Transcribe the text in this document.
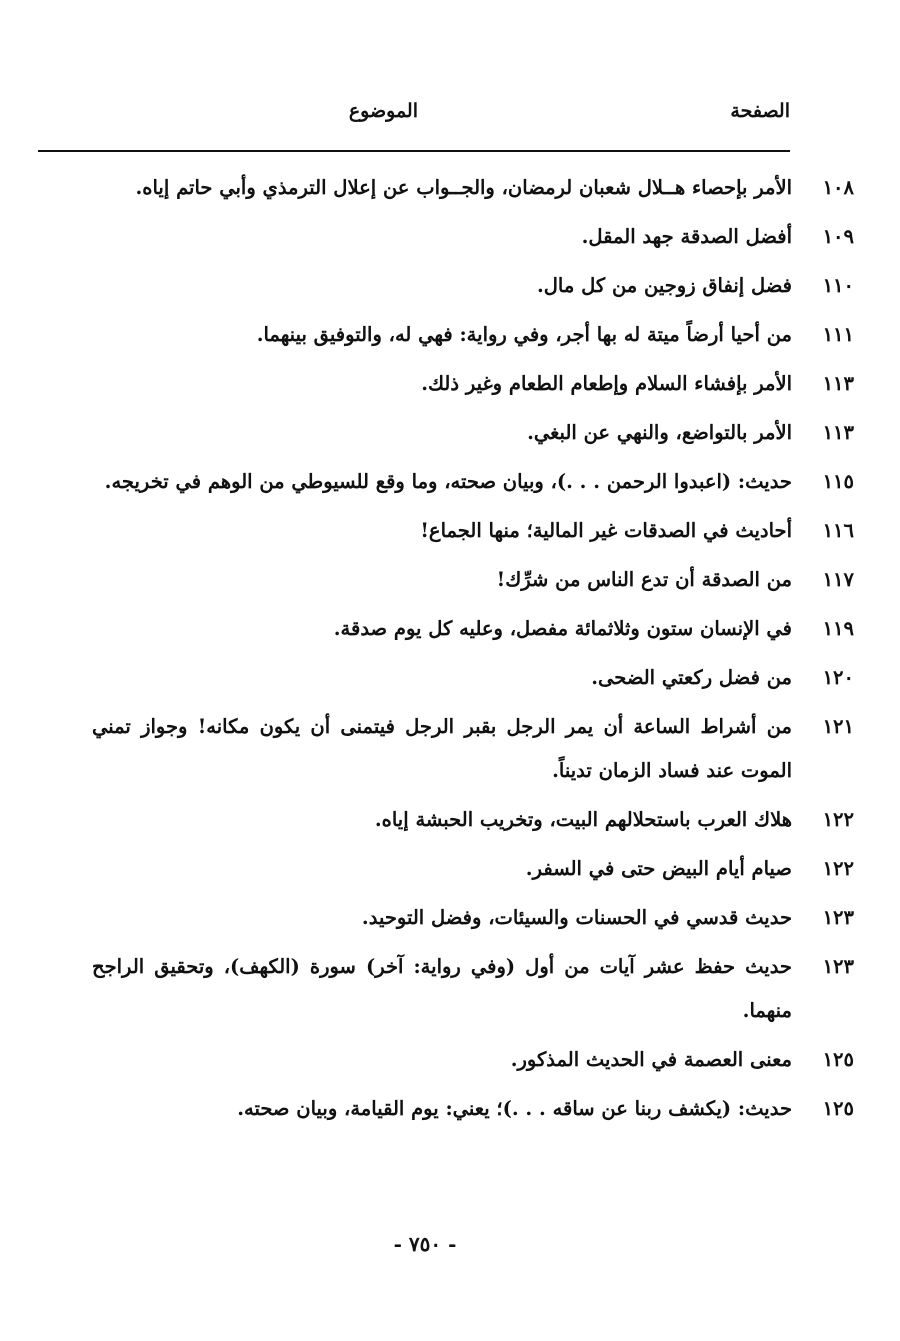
الصفحة
الموضوع
١٠٨
الأمر بإحصاء هــلال شعبان لرمضان، والجــواب عن إعلال الترمذي وأبي حاتم إياه.
١٠٩
أفضل الصدقة جهد المقل.
١١٠
فضل إنفاق زوجين من كل مال.
١١١
من أحيا أرضاً ميتة له بها أجر، وفي رواية: فهي له، والتوفيق بينهما.
١١٣
الأمر بإفشاء السلام وإطعام الطعام وغير ذلك.
١١٣
الأمر بالتواضع، والنهي عن البغي.
١١٥
حديث: (اعبدوا الرحمن . . .)، وبيان صحته، وما وقع للسيوطي من الوهم في تخريجه.
١١٦
أحاديث في الصدقات غير المالية؛ منها الجماع!
١١٧
من الصدقة أن تدع الناس من شرِّك!
١١٩
في الإنسان ستون وثلاثمائة مفصل، وعليه كل يوم صدقة.
١٢٠
من فضل ركعتي الضحى.
١٢١
من أشراط الساعة أن يمر الرجل بقبر الرجل فيتمنى أن يكون مكانه! وجواز تمني الموت عند فساد الزمان تديناً.
١٢٢
هلاك العرب باستحلالهم البيت، وتخريب الحبشة إياه.
١٢٢
صيام أيام البيض حتى في السفر.
١٢٣
حديث قدسي في الحسنات والسيئات، وفضل التوحيد.
١٢٣
حديث حفظ عشر آيات من أول (وفي رواية: آخر) سورة (الكهف)، وتحقيق الراجح منهما.
١٢٥
معنى العصمة في الحديث المذكور.
١٢٥
حديث: (يكشف ربنا عن ساقه . . .)؛ يعني: يوم القيامة، وبيان صحته.
- ٧٥٠ -
